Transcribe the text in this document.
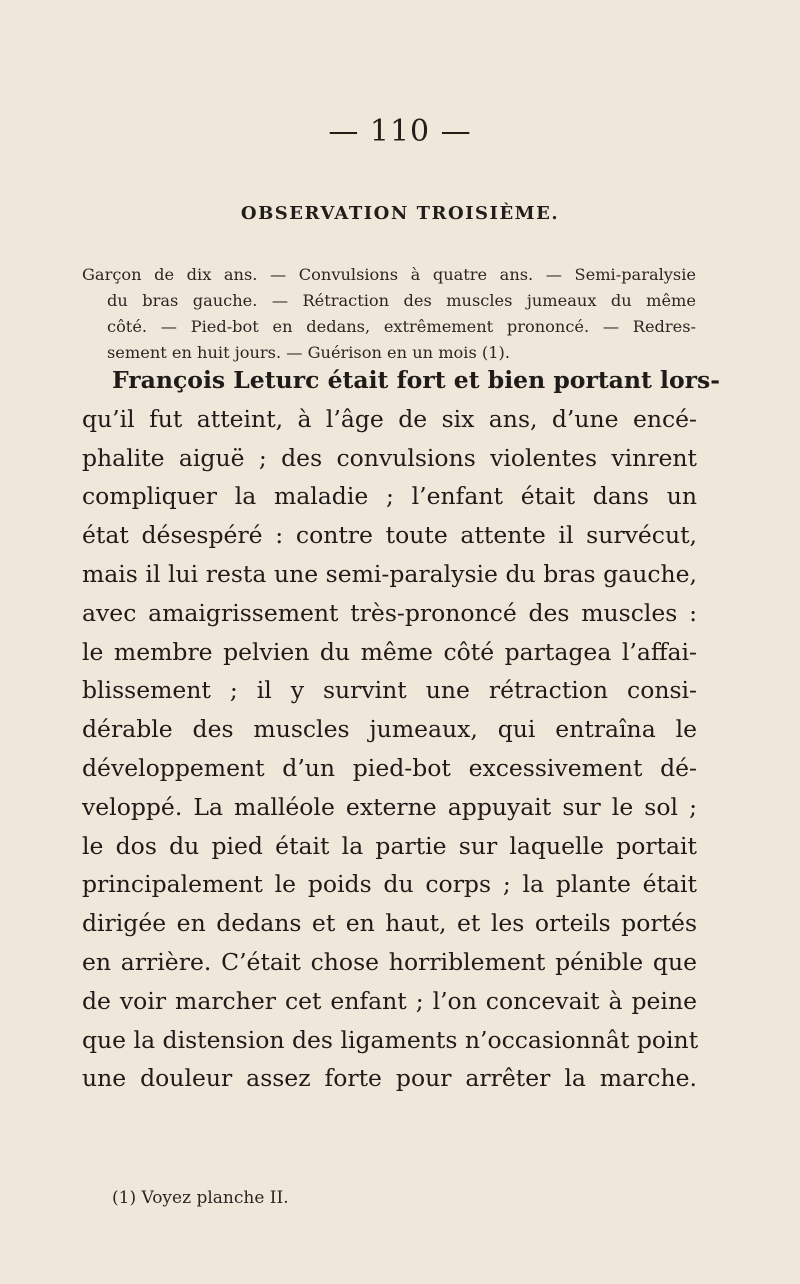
— 110 —
OBSERVATION TROISIÈME.
Garçon de dix ans. — Convulsions à quatre ans. — Semi-paralysie
du bras gauche. — Rétraction des muscles jumeaux du même
côté. — Pied-bot en dedans, extrêmement prononcé. — Redres-
sement en huit jours. — Guérison en un mois (1).
François Leturc était fort et bien portant lors-
qu’il fut atteint, à l’âge de six ans, d’une encé-
phalite aiguë ; des convulsions violentes vinrent
compliquer la maladie ; l’enfant était dans un
état désespéré : contre toute attente il survécut,
mais il lui resta une semi-paralysie du bras gauche,
avec amaigrissement très-prononcé des muscles :
le membre pelvien du même côté partagea l’affai-
blissement ; il y survint une rétraction consi-
dérable des muscles jumeaux, qui entraîna le
développement d’un pied-bot excessivement dé-
veloppé. La malléole externe appuyait sur le sol ;
le dos du pied était la partie sur laquelle portait
principalement le poids du corps ; la plante était
dirigée en dedans et en haut, et les orteils portés
en arrière. C’était chose horriblement pénible que
de voir marcher cet enfant ; l’on concevait à peine
que la distension des ligaments n’occasionnât point
une douleur assez forte pour arrêter la marche.
(1) Voyez planche II.
